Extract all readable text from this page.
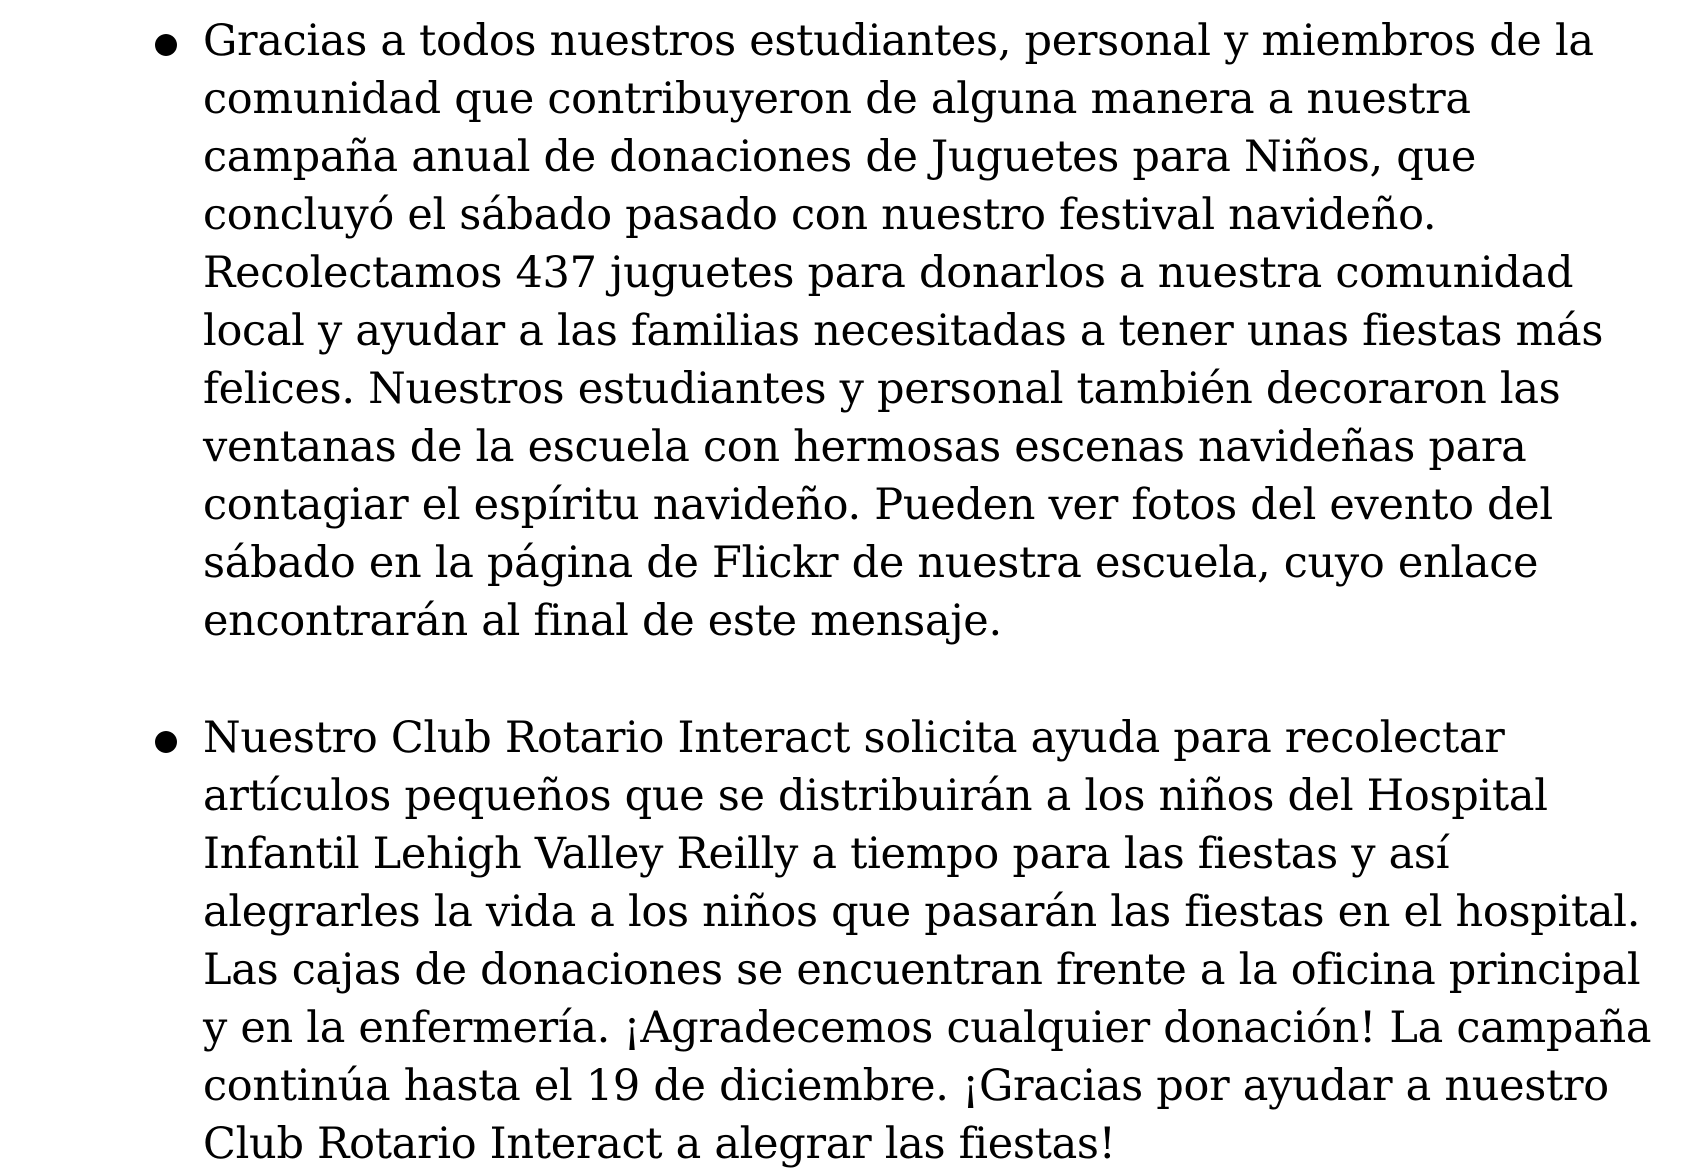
Gracias a todos nuestros estudiantes, personal y miembros de la
comunidad que contribuyeron de alguna manera a nuestra
campaña anual de donaciones de Juguetes para Niños, que
concluyó el sábado pasado con nuestro festival navideño.
Recolectamos 437 juguetes para donarlos a nuestra comunidad
local y ayudar a las familias necesitadas a tener unas fiestas más
felices. Nuestros estudiantes y personal también decoraron las
ventanas de la escuela con hermosas escenas navideñas para
contagiar el espíritu navideño. Pueden ver fotos del evento del
sábado en la página de Flickr de nuestra escuela, cuyo enlace
encontrarán al final de este mensaje.

Nuestro Club Rotario Interact solicita ayuda para recolectar
artículos pequeños que se distribuirán a los niños del Hospital
Infantil Lehigh Valley Reilly a tiempo para las fiestas y así
alegrarles la vida a los niños que pasarán las fiestas en el hospital.
Las cajas de donaciones se encuentran frente a la oficina principal
y en la enfermería. ¡Agradecemos cualquier donación! La campaña
continúa hasta el 19 de diciembre. ¡Gracias por ayudar a nuestro
Club Rotario Interact a alegrar las fiestas!
